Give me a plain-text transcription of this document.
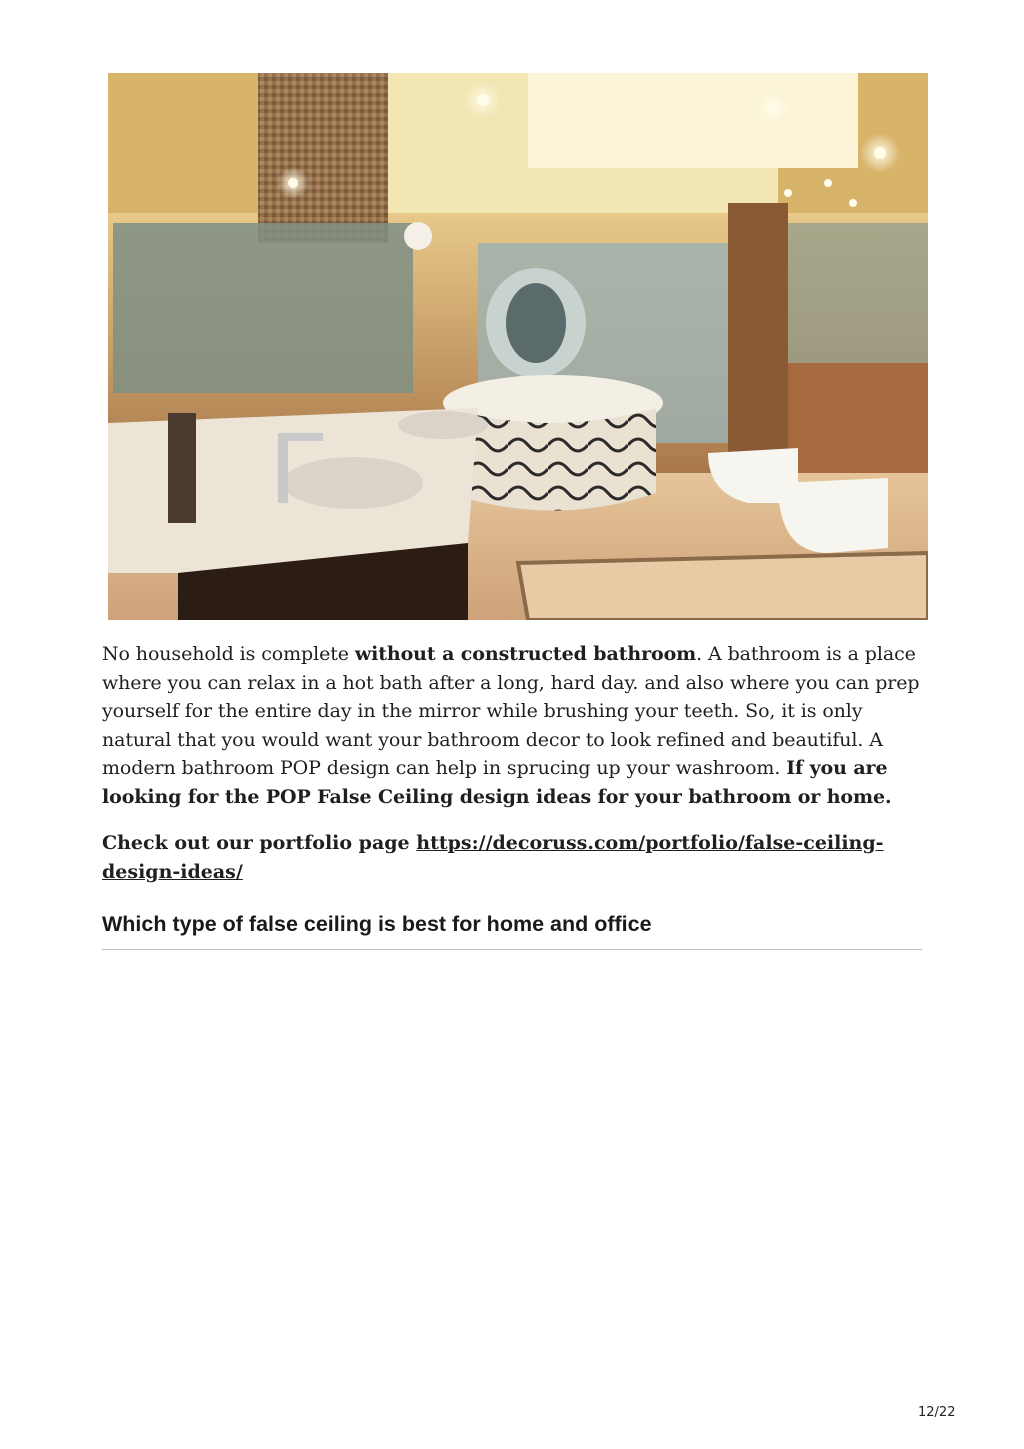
No household is complete without a constructed bathroom. A bathroom is a place where you can relax in a hot bath after a long, hard day. and also where you can prep yourself for the entire day in the mirror while brushing your teeth. So, it is only natural that you would want your bathroom decor to look refined and beautiful. A modern bathroom POP design can help in sprucing up your washroom. If you are looking for the POP False Ceiling design ideas for your bathroom or home.

Check out our portfolio page https://decoruss.com/portfolio/false-ceiling-design-ideas/

Which type of false ceiling is best for home and office
12/22
